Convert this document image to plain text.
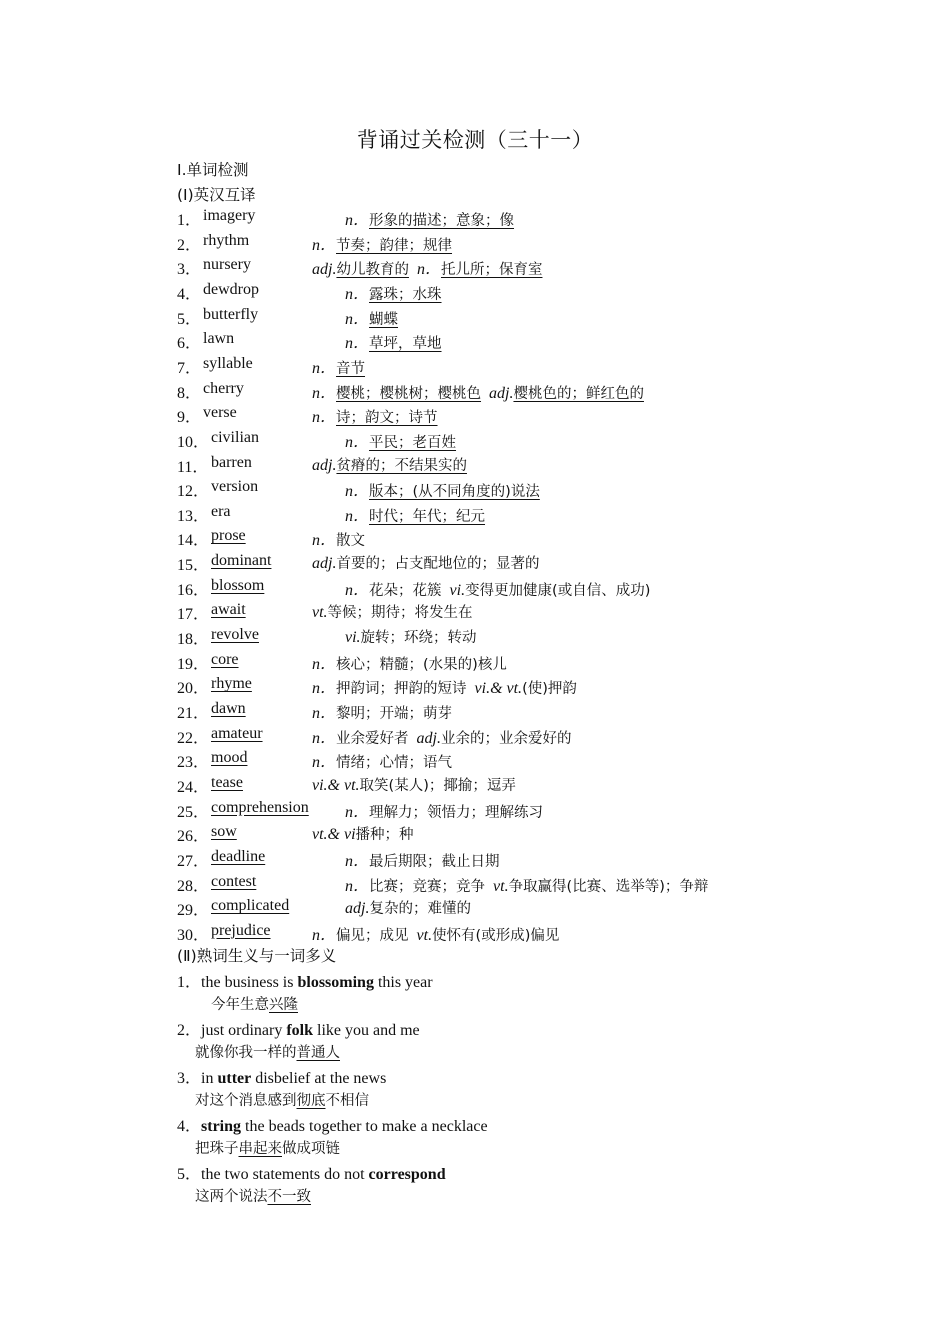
背诵过关检测（三十一）
Ⅰ.单词检测
(Ⅰ)英汉互译
1． imagery	n．形象的描述；意象；像
2． rhythm	n．节奏；韵律；规律
3． nursery	adj.幼儿教育的 n．托儿所；保育室
4． dewdrop	n．露珠；水珠
5． butterfly	n．蝴蝶
6． lawn	n．草坪，草地
7． syllable	n．音节
8． cherry	n．樱桃；樱桃树；樱桃色 adj.樱桃色的；鲜红色的
9． verse	n．诗；韵文；诗节
10． civilian	n．平民；老百姓
11． barren	adj.贫瘠的；不结果实的
12． version	n．版本；(从不同角度的)说法
13． era	n．时代；年代；纪元
14． prose	n．散文
15． dominant	adj.首要的；占支配地位的；显著的
16． blossom	n．花朵；花簇 vi.变得更加健康(或自信、成功)
17． await	vt.等候；期待；将发生在
18． revolve	vi.旋转；环绕；转动
19． core	n．核心；精髓；(水果的)核儿
20． rhyme	n．押韵词；押韵的短诗 vi.& vt.(使)押韵
21． dawn	n．黎明；开端；萌芽
22． amateur	n．业余爱好者 adj.业余的；业余爱好的
23． mood	n．情绪；心情；语气
24． tease	vi.& vt.取笑(某人)；揶揄；逗弄
25． comprehension n．理解力；领悟力；理解练习
26． sow	vt.& vi播种；种
27． deadline	n．最后期限；截止日期
28． contest	n．比赛；竞赛；竞争 vt.争取赢得(比赛、选举等)；争辩
29． complicated	adj.复杂的；难懂的
30． prejudice	n．偏见；成见 vt.使怀有(或形成)偏见
(Ⅱ)熟词生义与一词多义
1．the business is blossoming this year
今年生意兴隆
2．just ordinary folk like you and me
就像你我一样的普通人
3．in utter disbelief at the news
对这个消息感到彻底不相信
4．string the beads together to make a necklace
把珠子串起来做成项链
5．the two statements do not correspond
这两个说法不一致
